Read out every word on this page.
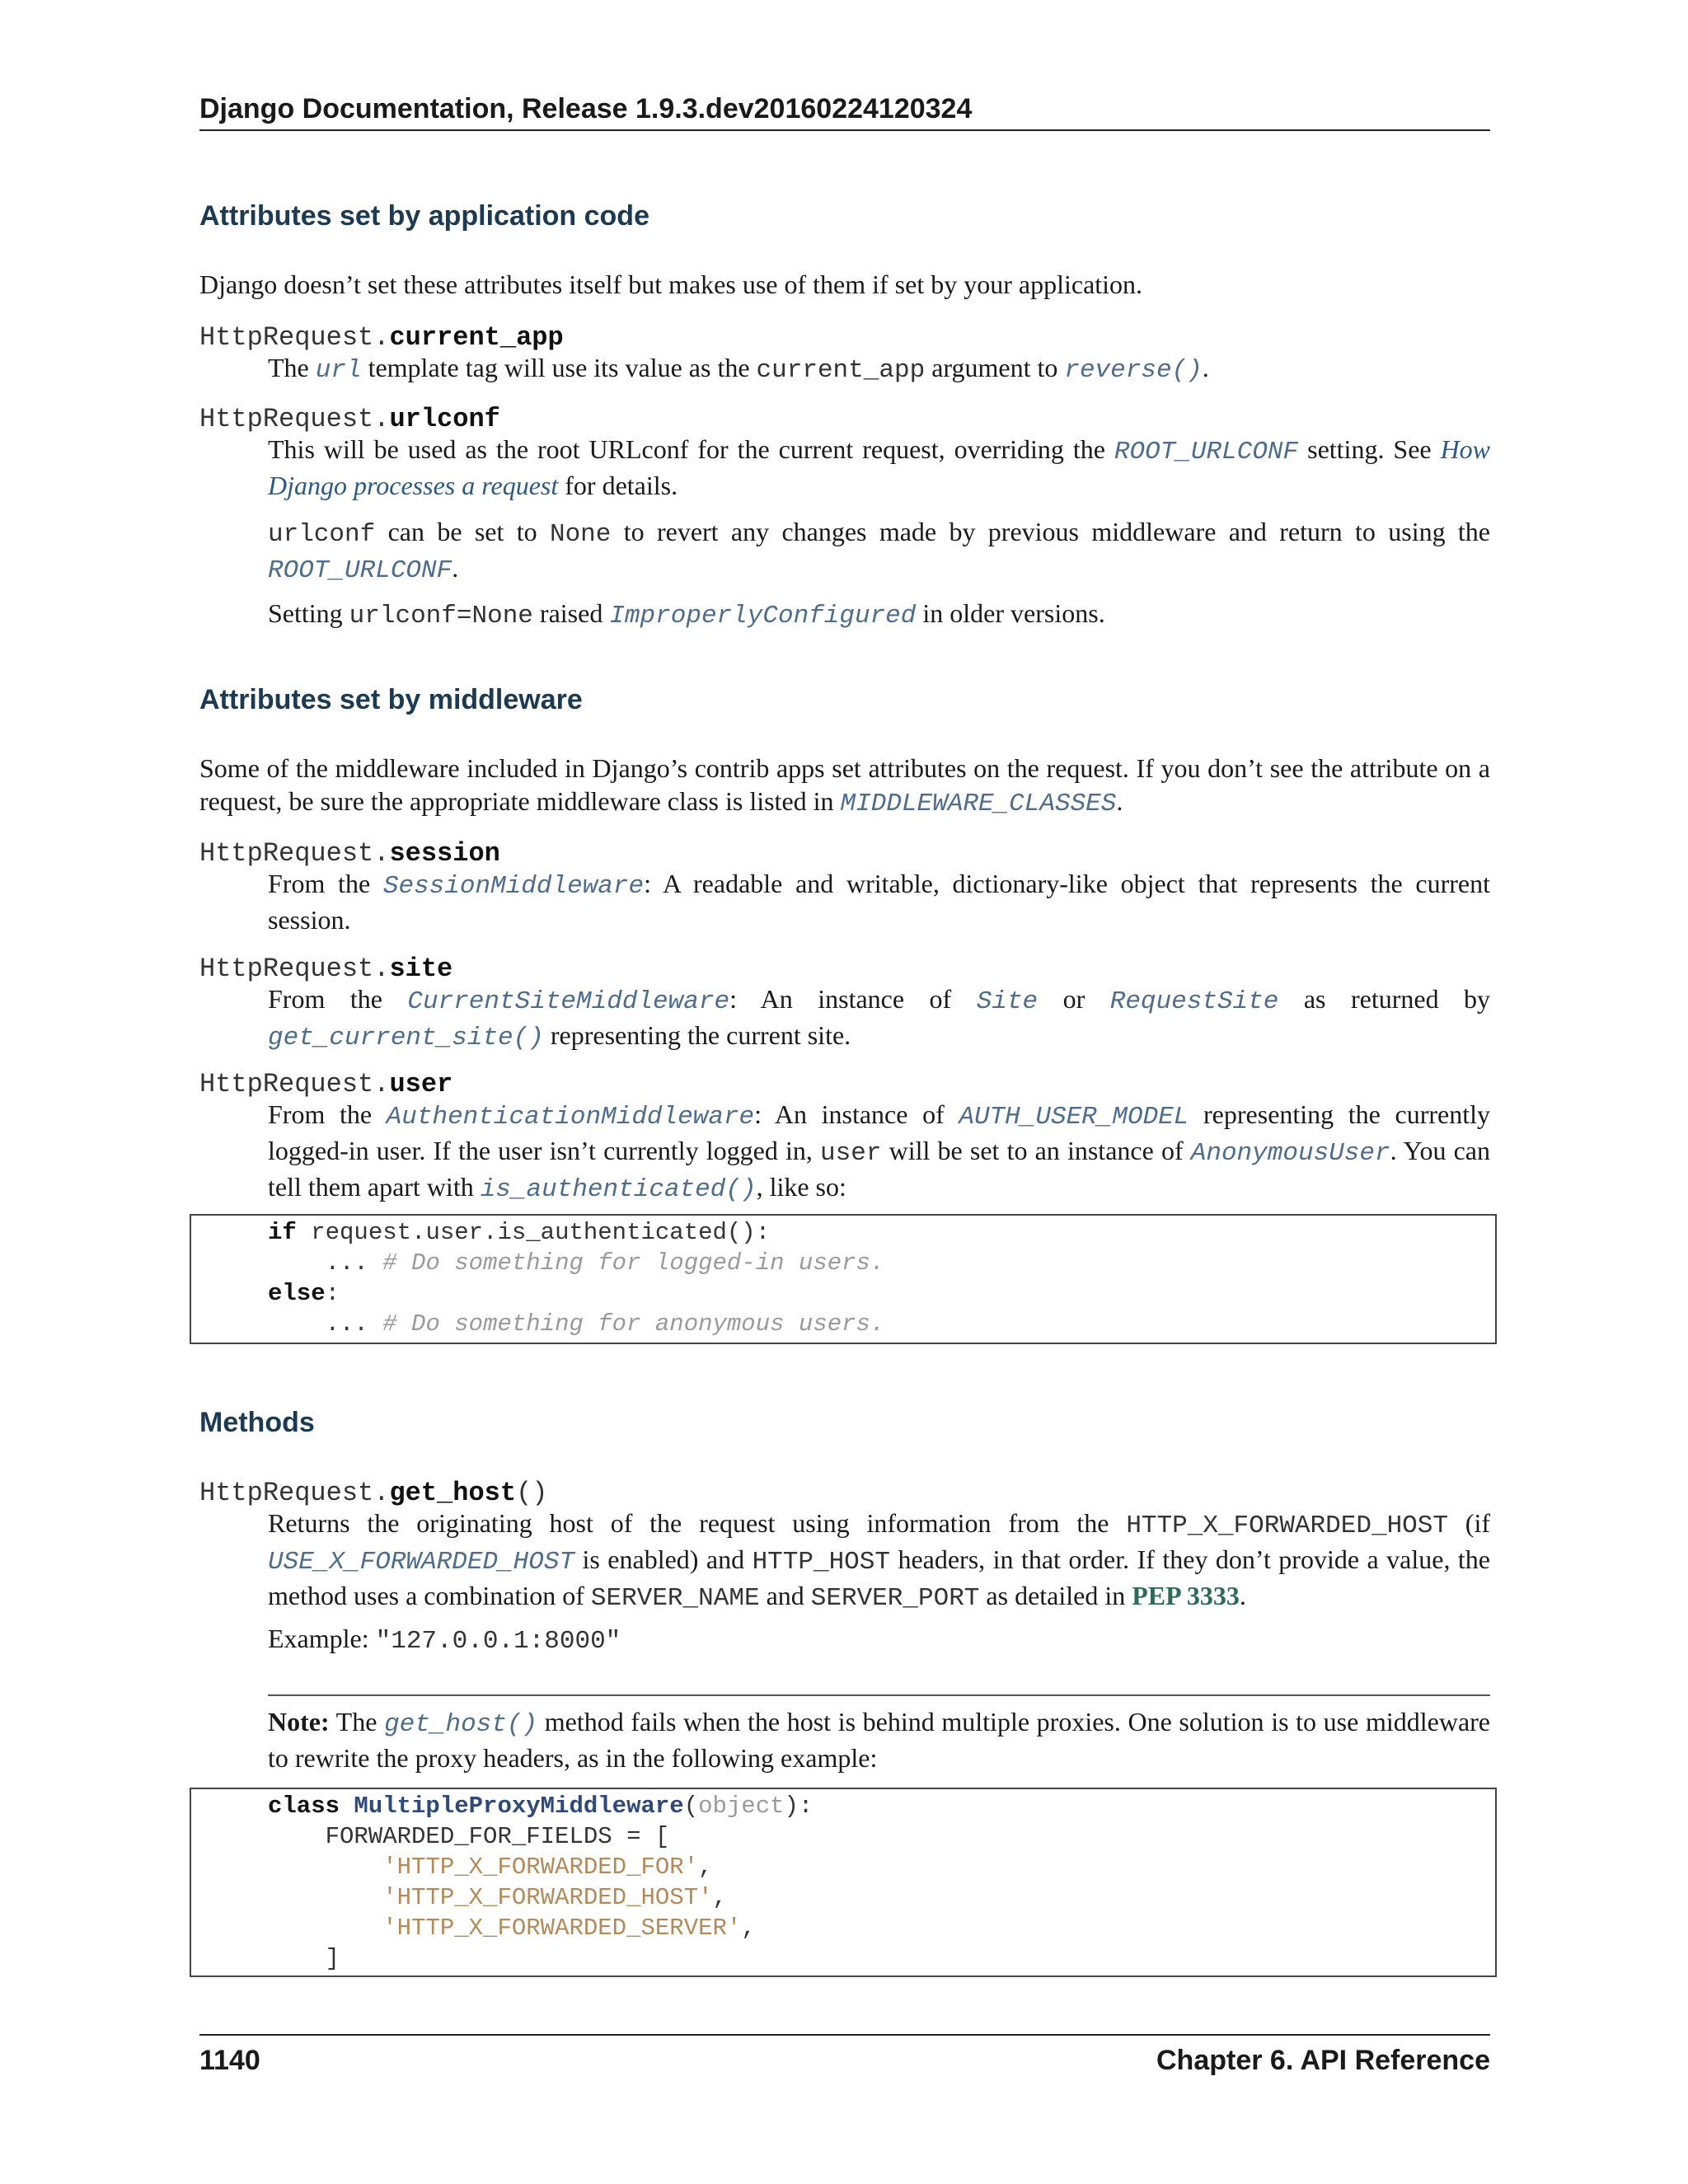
Django Documentation, Release 1.9.3.dev20160224120324
Attributes set by application code
Django doesn’t set these attributes itself but makes use of them if set by your application.
HttpRequest.current_app
The url template tag will use its value as the current_app argument to reverse().
HttpRequest.urlconf
This will be used as the root URLconf for the current request, overriding the ROOT_URLCONF setting. See How Django processes a request for details.
urlconf can be set to None to revert any changes made by previous middleware and return to using the ROOT_URLCONF.
Setting urlconf=None raised ImproperlyConfigured in older versions.
Attributes set by middleware
Some of the middleware included in Django’s contrib apps set attributes on the request. If you don’t see the attribute on a request, be sure the appropriate middleware class is listed in MIDDLEWARE_CLASSES.
HttpRequest.session
From the SessionMiddleware: A readable and writable, dictionary-like object that represents the current session.
HttpRequest.site
From the CurrentSiteMiddleware: An instance of Site or RequestSite as returned by get_current_site() representing the current site.
HttpRequest.user
From the AuthenticationMiddleware: An instance of AUTH_USER_MODEL representing the currently logged-in user. If the user isn’t currently logged in, user will be set to an instance of AnonymousUser. You can tell them apart with is_authenticated(), like so:
if request.user.is_authenticated():
... # Do something for logged-in users.
else:
... # Do something for anonymous users.
Methods
HttpRequest.get_host()
Returns the originating host of the request using information from the HTTP_X_FORWARDED_HOST (if USE_X_FORWARDED_HOST is enabled) and HTTP_HOST headers, in that order. If they don’t provide a value, the method uses a combination of SERVER_NAME and SERVER_PORT as detailed in PEP 3333.
Example: "127.0.0.1:8000"
Note: The get_host() method fails when the host is behind multiple proxies. One solution is to use middleware to rewrite the proxy headers, as in the following example:
class MultipleProxyMiddleware(object):
FORWARDED_FOR_FIELDS = [
'HTTP_X_FORWARDED_FOR',
'HTTP_X_FORWARDED_HOST',
'HTTP_X_FORWARDED_SERVER',
]
1140	Chapter 6. API Reference
